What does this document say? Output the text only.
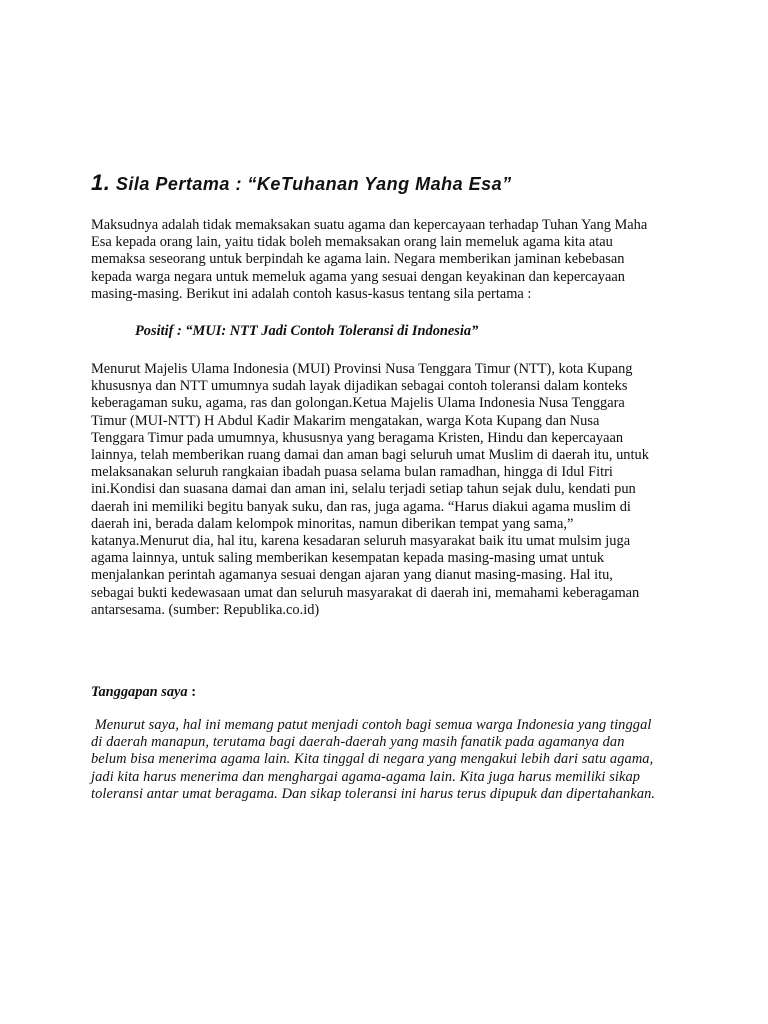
1. Sila Pertama : “KeTuhanan Yang Maha Esa”

Maksudnya adalah tidak memaksakan suatu agama dan kepercayaan terhadap Tuhan Yang Maha
Esa kepada orang lain, yaitu tidak boleh memaksakan orang lain memeluk agama kita atau
memaksa seseorang untuk berpindah ke agama lain. Negara memberikan jaminan kebebasan
kepada warga negara untuk memeluk agama yang sesuai dengan keyakinan dan kepercayaan
masing-masing. Berikut ini adalah contoh kasus-kasus tentang sila pertama :

Positif : “MUI: NTT Jadi Contoh Toleransi di Indonesia”

Menurut Majelis Ulama Indonesia (MUI) Provinsi Nusa Tenggara Timur (NTT), kota Kupang
khususnya dan NTT umumnya sudah layak dijadikan sebagai contoh toleransi dalam konteks
keberagaman suku, agama, ras dan golongan.Ketua Majelis Ulama Indonesia Nusa Tenggara
Timur (MUI-NTT) H Abdul Kadir Makarim mengatakan, warga Kota Kupang dan Nusa
Tenggara Timur pada umumnya, khususnya yang beragama Kristen, Hindu dan kepercayaan
lainnya, telah memberikan ruang damai dan aman bagi seluruh umat Muslim di daerah itu, untuk
melaksanakan seluruh rangkaian ibadah puasa selama bulan ramadhan, hingga di Idul Fitri
ini.Kondisi dan suasana damai dan aman ini, selalu terjadi setiap tahun sejak dulu, kendati pun
daerah ini memiliki begitu banyak suku, dan ras, juga agama. “Harus diakui agama muslim di
daerah ini, berada dalam kelompok minoritas, namun diberikan tempat yang sama,”
katanya.Menurut dia, hal itu, karena kesadaran seluruh masyarakat baik itu umat mulsim juga
agama lainnya, untuk saling memberikan kesempatan kepada masing-masing umat untuk
menjalankan perintah agamanya sesuai dengan ajaran yang dianut masing-masing. Hal itu,
sebagai bukti kedewasaan umat dan seluruh masyarakat di daerah ini, memahami keberagaman
antarsesama. (sumber: Republika.co.id)

Tanggapan saya :

Menurut saya, hal ini memang patut menjadi contoh bagi semua warga Indonesia yang tinggal
di daerah manapun, terutama bagi daerah-daerah yang masih fanatik pada agamanya dan
belum bisa menerima agama lain. Kita tinggal di negara yang mengakui lebih dari satu agama,
jadi kita harus menerima dan menghargai agama-agama lain. Kita juga harus memiliki sikap
toleransi antar umat beragama. Dan sikap toleransi ini harus terus dipupuk dan dipertahankan.
